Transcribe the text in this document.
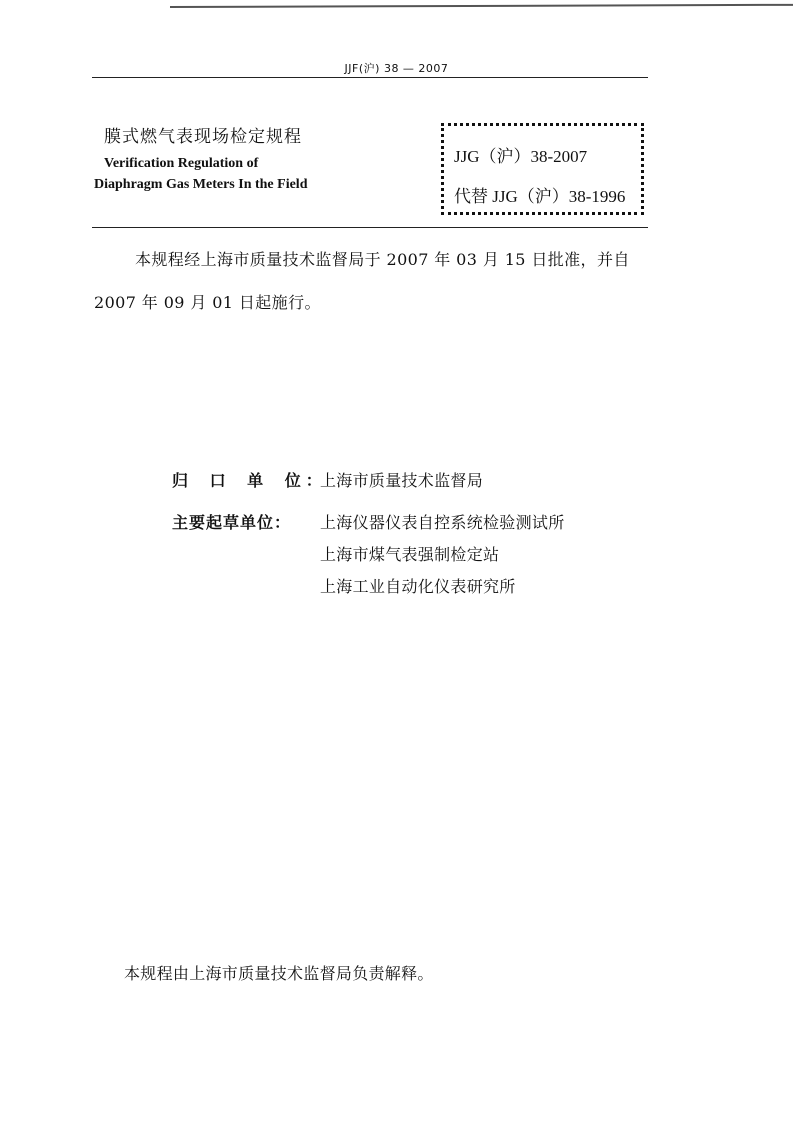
JJF(沪) 38 — 2007
膜式燃气表现场检定规程
Verification Regulation of
Diaphragm Gas Meters In the Field
JJG（沪）38-2007
代替 JJG（沪）38-1996
本规程经上海市质量技术监督局于 2007 年 03 月 15 日批准，并自
2007 年 09 月 01 日起施行。
归 口 单 位：
上海市质量技术监督局
主要起草单位： 上海仪器仪表自控系统检验测试所
上海市煤气表强制检定站
上海工业自动化仪表研究所
本规程由上海市质量技术监督局负责解释。
